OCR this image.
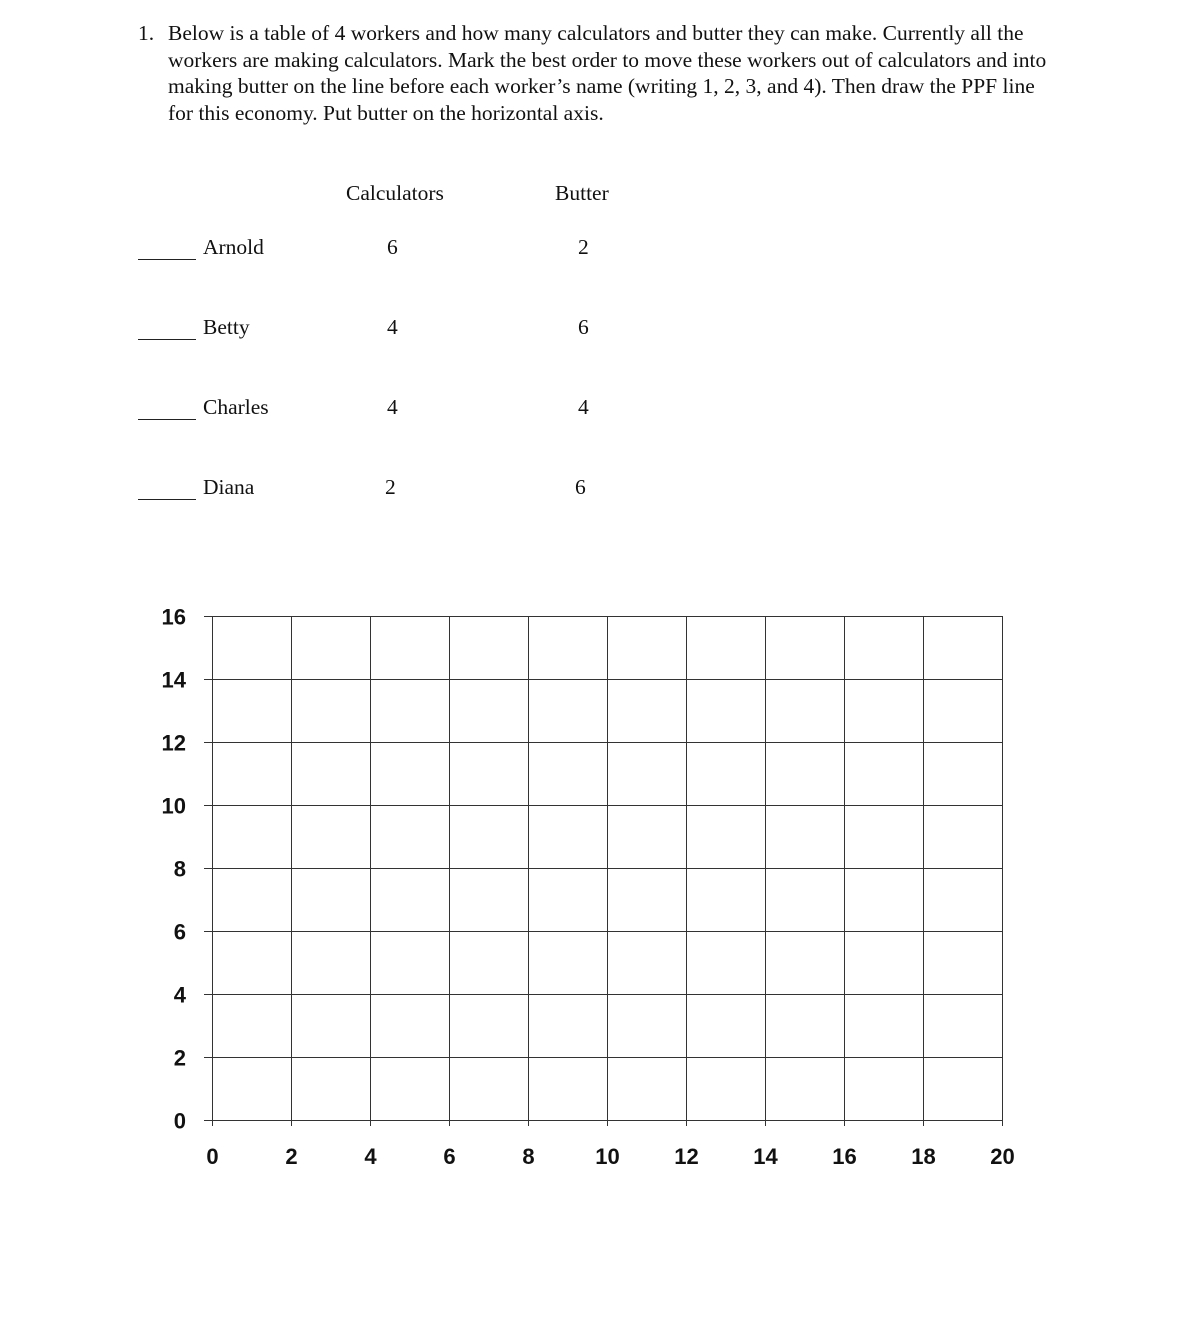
1. Below is a table of 4 workers and how many calculators and butter they can make. Currently all the workers are making calculators. Mark the best order to move these workers out of calculators and into making butter on the line before each worker’s name (writing 1, 2, 3, and 4). Then draw the PPF line for this economy. Put butter on the horizontal axis.
Calculators	Butter
Arnold	6	2
Betty	4	6
Charles	4	4
Diana	2	6
0	2	4	6	8	10 12 14 16 18 20
0
2
4
6
8
10
12
14
16
